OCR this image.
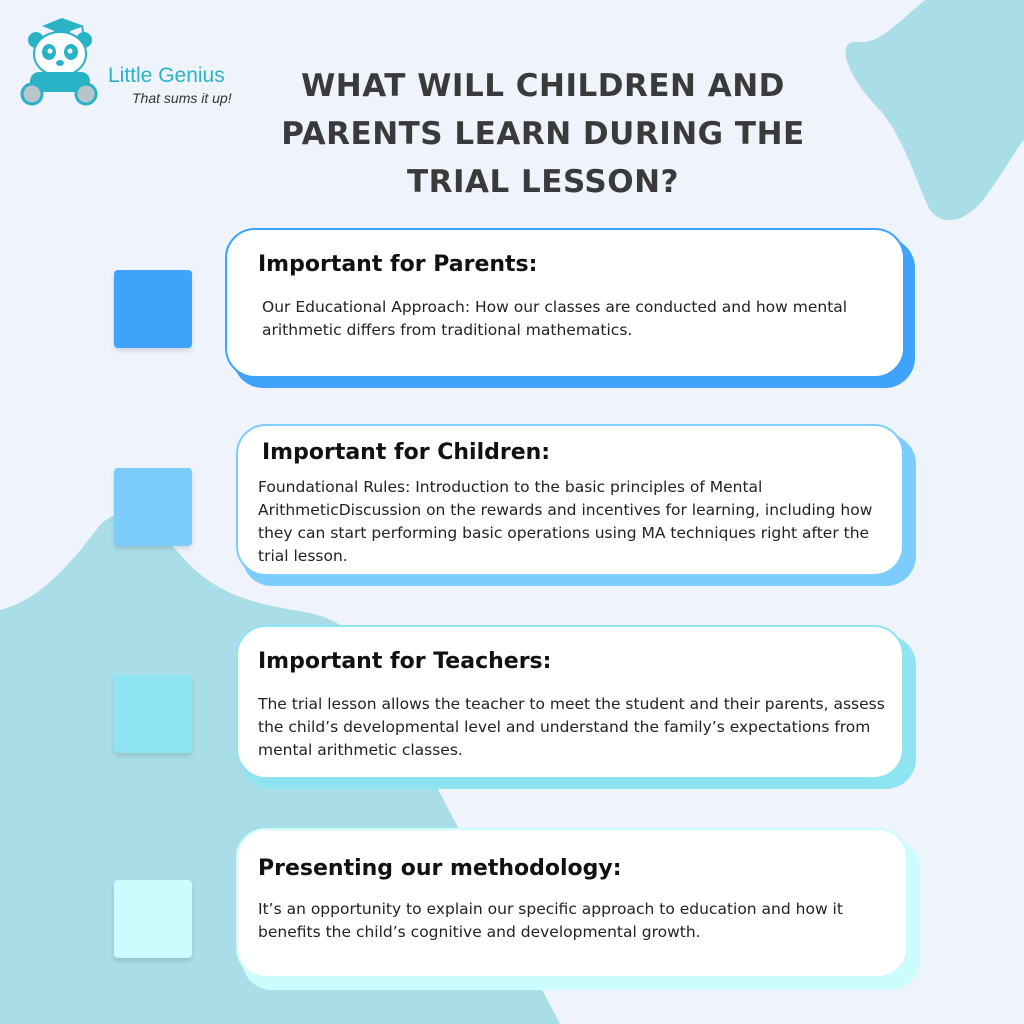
Little Genius
That sums it up!	WHAT WILL CHILDREN AND PARENTS LEARN DURING THE TRIAL LESSON?
Important for Parents:

Our Educational Approach: How our classes are conducted and how mental arithmetic differs from traditional mathematics.

Important for Children:

Foundational Rules: Introduction to the basic principles of Mental ArithmeticDiscussion on the rewards and incentives for learning, including how they can start performing basic operations using MA techniques right after the trial lesson.

Important for Teachers:

The trial lesson allows the teacher to meet the student and their parents, assess the child’s developmental level and understand the family’s expectations from mental arithmetic classes.

Presenting our methodology:

It’s an opportunity to explain our specific approach to education and how it benefits the child’s cognitive and developmental growth.
